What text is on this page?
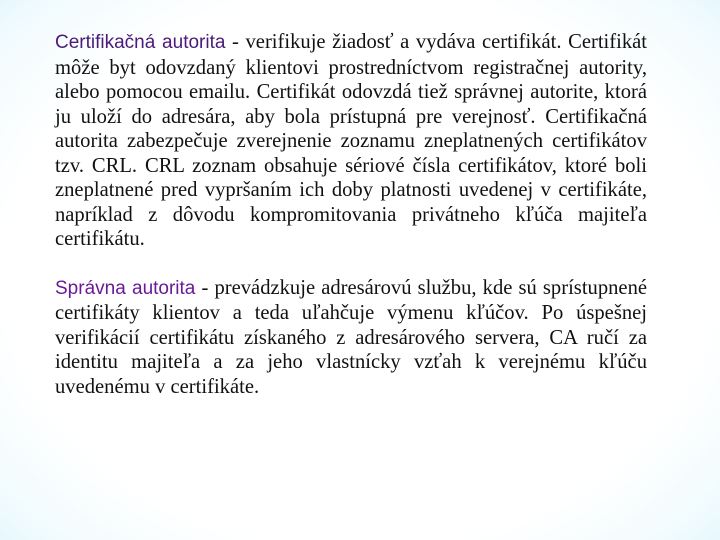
Certifikačná autorita - verifikuje žiadosť a vydáva certifikát. Certifikát môže byt odovzdaný klientovi prostredníctvom registračnej autority, alebo pomocou emailu. Certifikát odovzdá tiež správnej autorite, ktorá ju uloží do adresára, aby bola prístupná pre verejnosť. Certifikačná autorita zabezpečuje zverejnenie zoznamu zneplatnených certifikátov tzv. CRL. CRL zoznam obsahuje sériové čísla certifikátov, ktoré boli zneplatnené pred vypršaním ich doby platnosti uvedenej v certifikáte, napríklad z dôvodu kompromitovania privátneho kľúča majiteľa certifikátu.

Správna autorita - prevádzkuje adresárovú službu, kde sú sprístupnené certifikáty klientov a teda uľahčuje výmenu kľúčov. Po úspešnej verifikácií certifikátu získaného z adresárového servera, CA ručí za identitu majiteľa a za jeho vlastnícky vzťah k verejnému kľúču uvedenému v certifikáte.
